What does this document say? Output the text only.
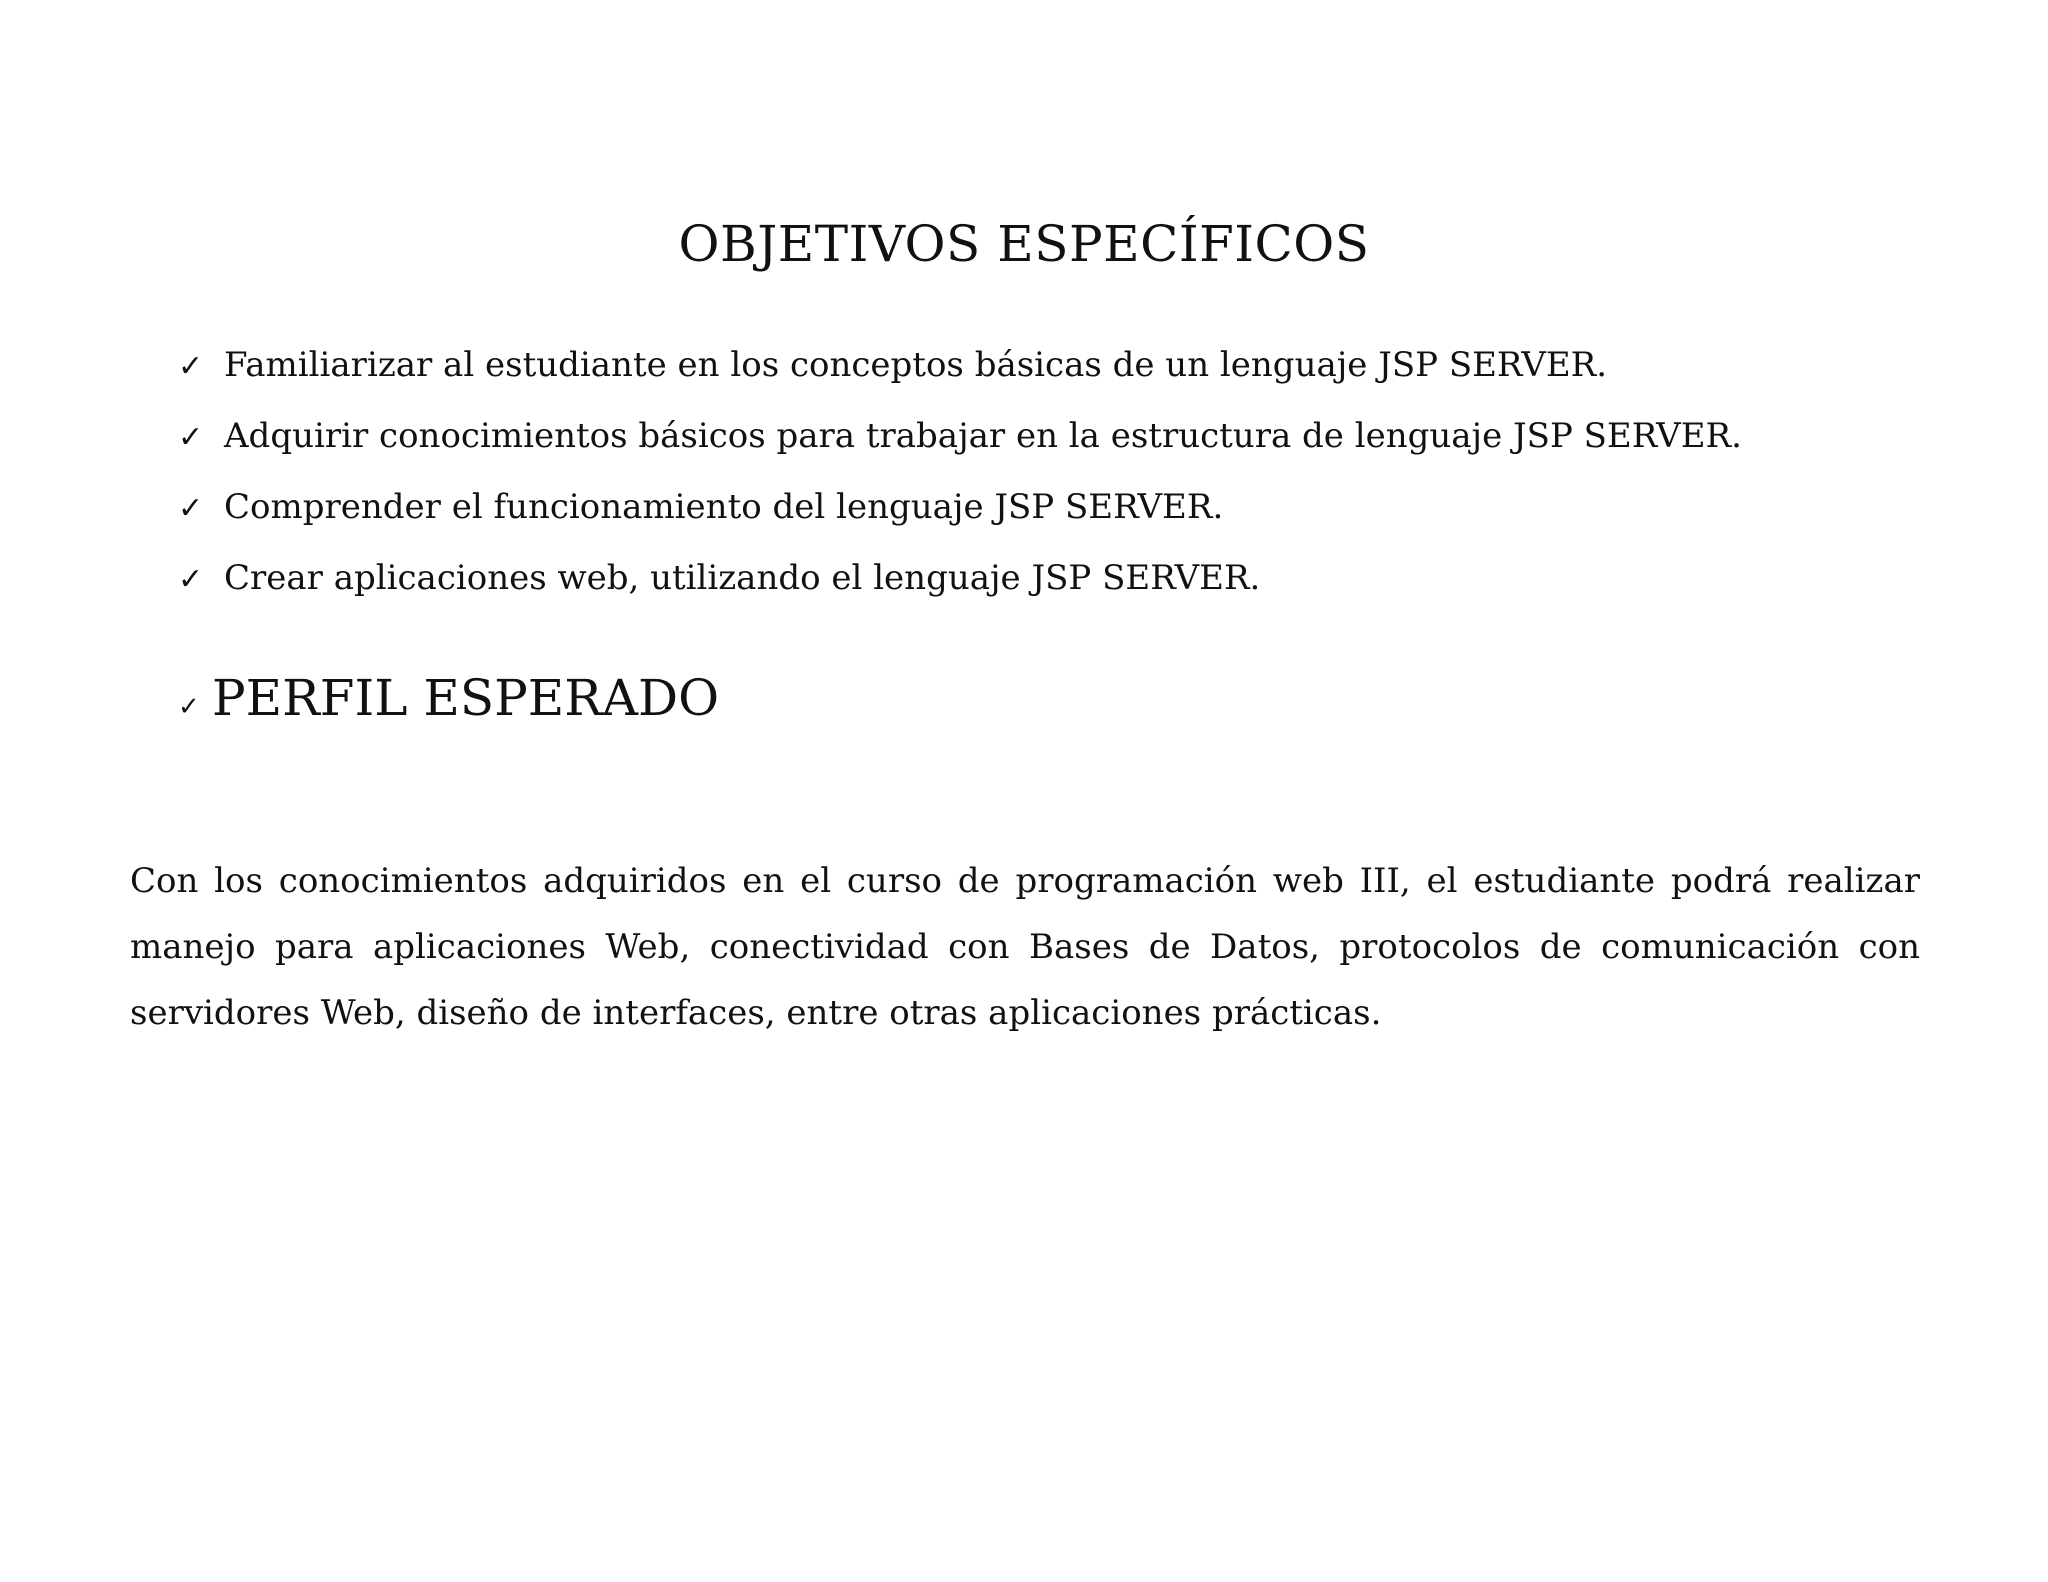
OBJETIVOS ESPECÍFICOS
✓ Familiarizar al estudiante en los conceptos básicas de un lenguaje JSP SERVER.
✓ Adquirir conocimientos básicos para trabajar en la estructura de lenguaje JSP SERVER.
✓ Comprender el funcionamiento del lenguaje JSP SERVER.
✓ Crear aplicaciones web, utilizando el lenguaje JSP SERVER.
✓ PERFIL ESPERADO

Con los conocimientos adquiridos en el curso de programación web III, el estudiante podrá realizar manejo para aplicaciones Web, conectividad con Bases de Datos, protocolos de comunicación con servidores Web, diseño de interfaces, entre otras aplicaciones prácticas.
